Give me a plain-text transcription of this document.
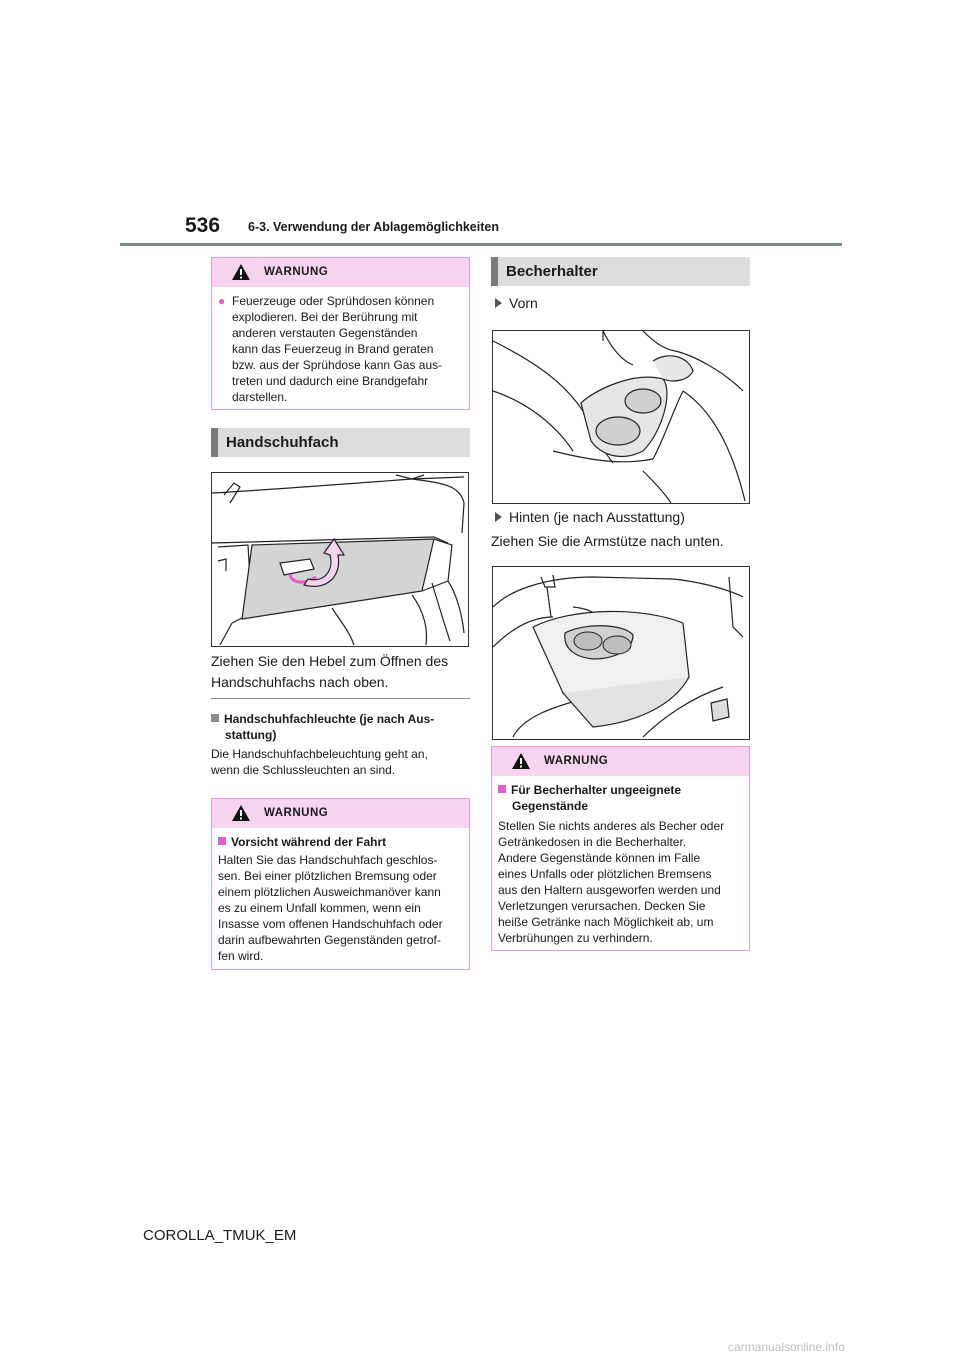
536 6-3. Verwendung der Ablagemöglichkeiten
WARNUNG
● Feuerzeuge oder Sprühdosen können
explodieren. Bei der Berührung mit
anderen verstauten Gegenständen
kann das Feuerzeug in Brand geraten
bzw. aus der Sprühdose kann Gas aus-
treten und dadurch eine Brandgefahr
darstellen.
Handschuhfach
Ziehen Sie den Hebel zum Öffnen des
Handschuhfachs nach oben.
Handschuhfachleuchte (je nach Aus-
stattung)
Die Handschuhfachbeleuchtung geht an,
wenn die Schlussleuchten an sind.
WARNUNG
Vorsicht während der Fahrt
Halten Sie das Handschuhfach geschlos-
sen. Bei einer plötzlichen Bremsung oder
einem plötzlichen Ausweichmanöver kann
es zu einem Unfall kommen, wenn ein
Insasse vom offenen Handschuhfach oder
darin aufbewahrten Gegenständen getrof-
fen wird.
Becherhalter
Vorn
Hinten (je nach Ausstattung)
Ziehen Sie die Armstütze nach unten.
WARNUNG
Für Becherhalter ungeeignete
Gegenstände
Stellen Sie nichts anderes als Becher oder
Getränkedosen in die Becherhalter.
Andere Gegenstände können im Falle
eines Unfalls oder plötzlichen Bremsens
aus den Haltern ausgeworfen werden und
Verletzungen verursachen. Decken Sie
heiße Getränke nach Möglichkeit ab, um
Verbrühungen zu verhindern.
COROLLA_TMUK_EM
carmanualsonline.info
